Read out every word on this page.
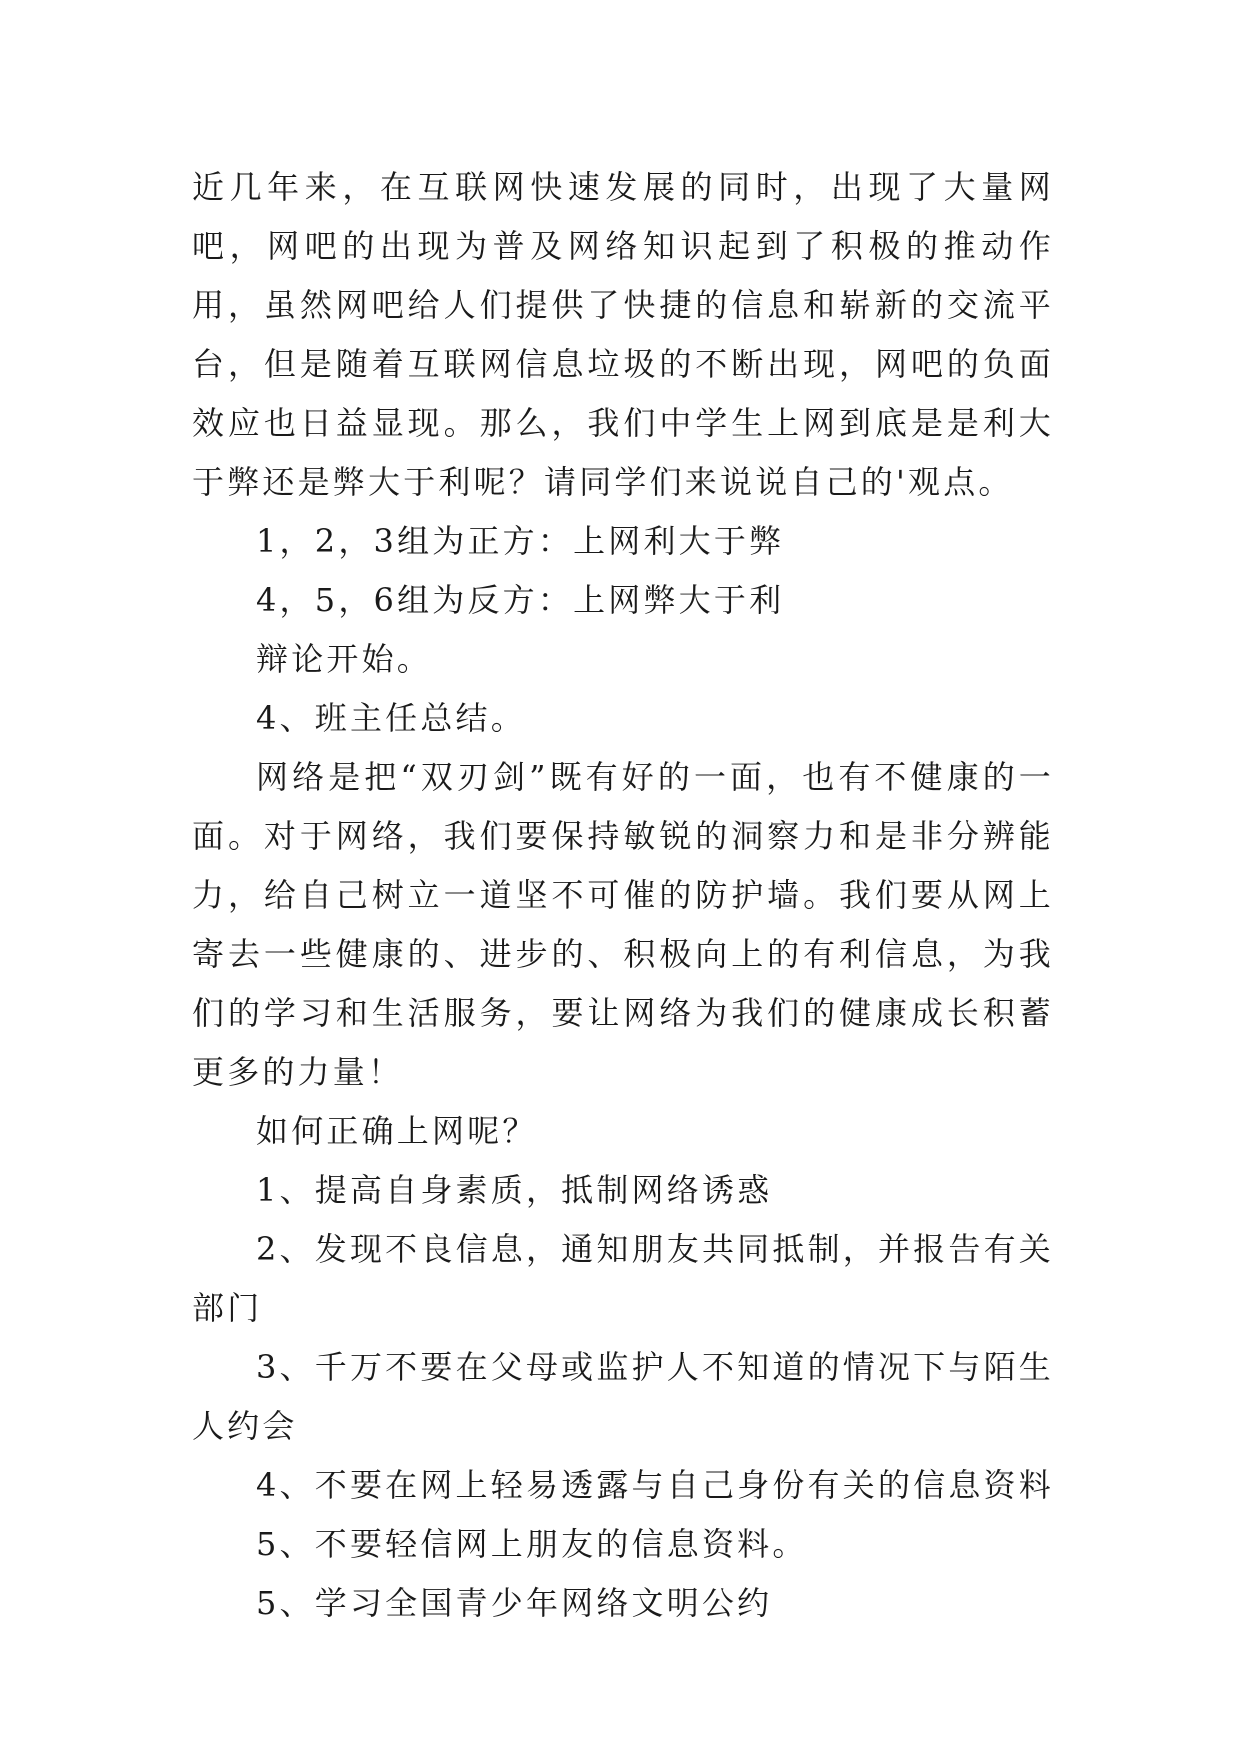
近几年来，在互联网快速发展的同时，出现了大量网吧，网吧的出现为普及网络知识起到了积极的推动作用，虽然网吧给人们提供了快捷的信息和崭新的交流平台，但是随着互联网信息垃圾的不断出现，网吧的负面效应也日益显现。那么，我们中学生上网到底是是利大于弊还是弊大于利呢？请同学们来说说自己的'观点。

1，2，3组为正方：上网利大于弊

4，5，6组为反方：上网弊大于利

辩论开始。

4、班主任总结。

网络是把“双刃剑”既有好的一面，也有不健康的一面。对于网络，我们要保持敏锐的洞察力和是非分辨能力，给自己树立一道坚不可催的防护墙。我们要从网上寄去一些健康的、进步的、积极向上的有利信息，为我们的学习和生活服务，要让网络为我们的健康成长积蓄更多的力量！

如何正确上网呢？

1、提高自身素质，抵制网络诱惑

2、发现不良信息，通知朋友共同抵制，并报告有关部门

3、千万不要在父母或监护人不知道的情况下与陌生人约会

4、不要在网上轻易透露与自己身份有关的信息资料

5、不要轻信网上朋友的信息资料。

5、学习全国青少年网络文明公约
